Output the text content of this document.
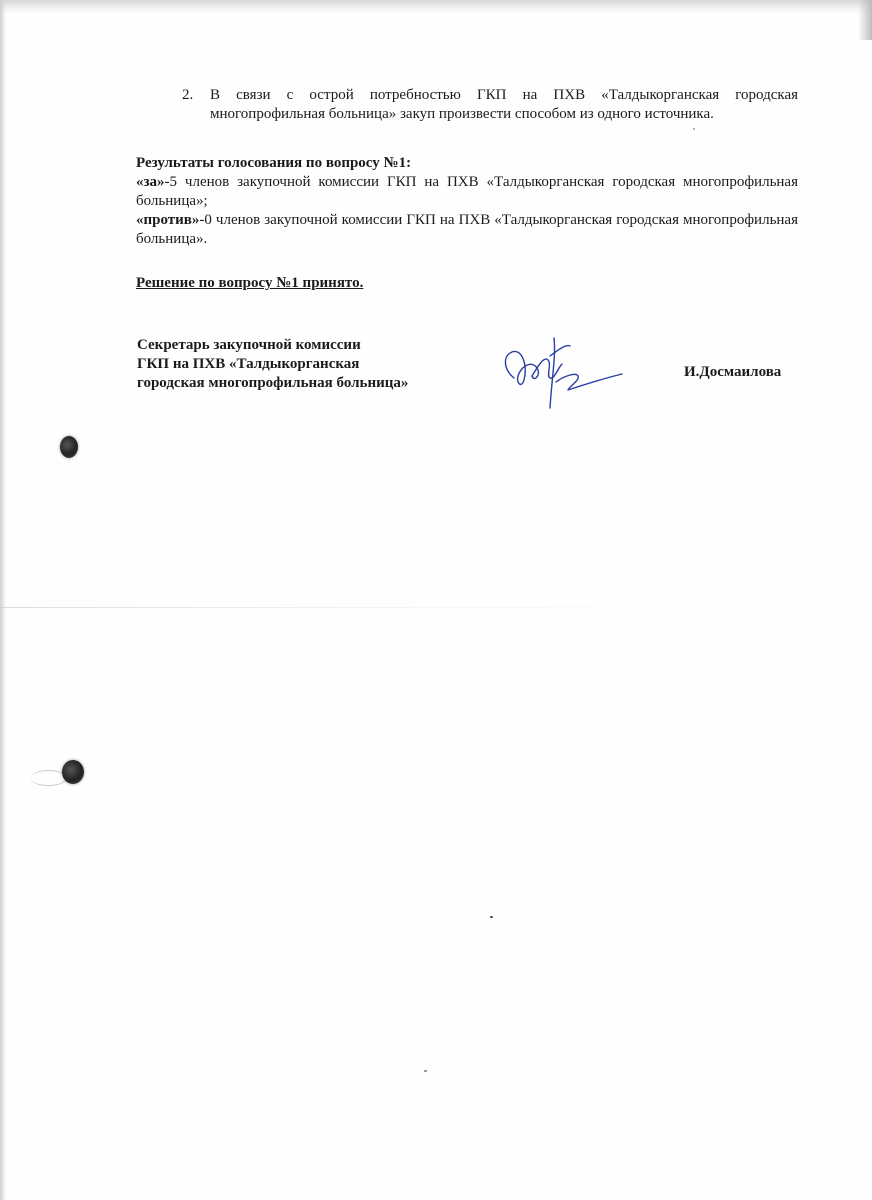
2. В связи с острой потребностью ГКП на ПХВ «Талдыкорганская городская многопрофильная больница» закуп произвести способом из одного источника.
Результаты голосования по вопросу №1:

«за»-5 членов закупочной комиссии ГКП на ПХВ «Талдыкорганская городская многопрофильная больница»;

«против»-0 членов закупочной комиссии ГКП на ПХВ «Талдыкорганская городская многопрофильная больница».

Решение по вопросу №1 принято.
Секретарь закупочной комиссии
ГКП на ПХВ «Талдыкорганская
городская многопрофильная больница»
И.Досмаилова
